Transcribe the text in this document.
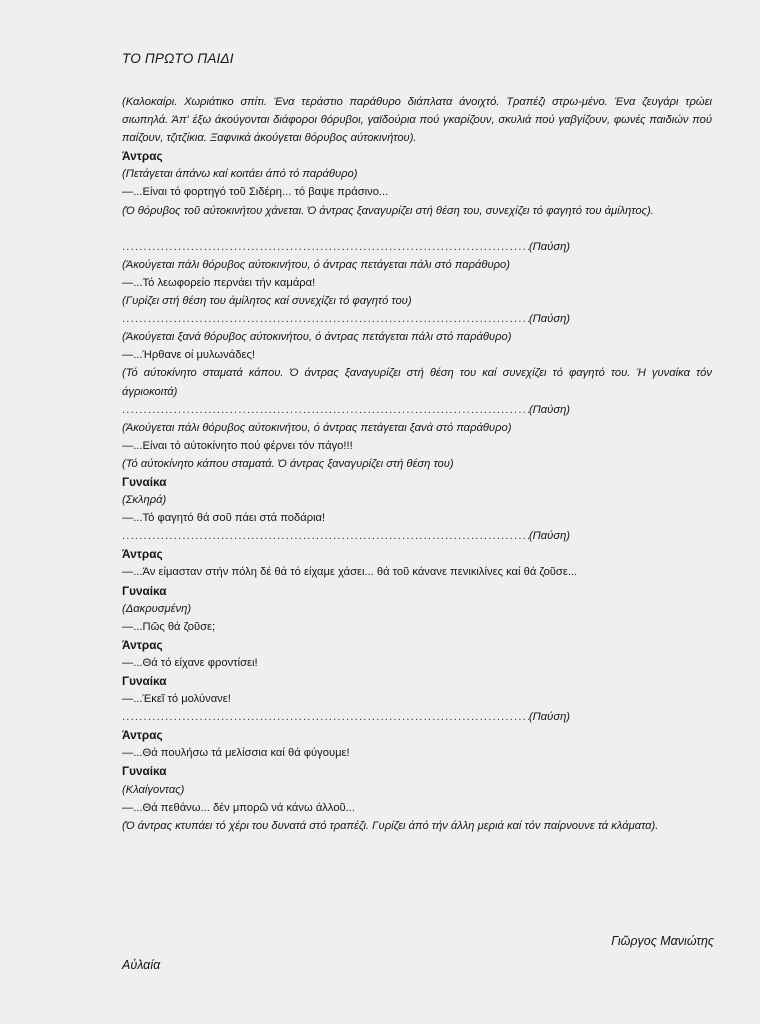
ΤΟ ΠΡΩΤΟ ΠΑΙΔΙ
(Καλοκαίρι. Χωριάτικο σπίτι. Ένα τεράστιο παράθυρο διάπλατα άνοιχτό. Τραπέζι στρω-μένο. Ένα ζευγάρι τρώει σιωπηλά. Άπ' έξω άκούγονται διάφοροι θόρυβοι, γαϊδούρια πού γκαρίζουν, σκυλιά πού γαβγίζουν, φωνές παιδιών πού παίζουν, τζιτζίκια. Ξαφνικά άκούγεται θόρυβος αύτοκινήτου).
Άντρας
(Πετάγεται άπάνω καί κοιτάει άπό τό παράθυρο)
—...Είναι τό φορτηγό τοῦ Σιδέρη... τό βαψε πράσινο...
(Ό θόρυβος τοῦ αύτοκινήτου χάνεται. Ό άντρας ξαναγυρίζει στή θέση του, συνεχίζει τό φαγητό του άμίλητος).
.....
(Παύση)
(Άκούγεται πάλι θόρυβος αύτοκινήτου, ό άντρας πετάγεται πάλι στό παράθυρο)
—...Τό λεωφορείο περνάει τήν καμάρα!
(Γυρίζει στή θέση του άμίλητος καί συνεχίζει τό φαγητό του)
.....
(Παύση)
(Άκούγεται ξανά θόρυβος αύτοκινήτου, ό άντρας πετάγεται πάλι στό παράθυρο)
—...Ήρθανε οί μυλωνάδες!
(Τό αύτοκίνητο σταματά κάπου. Ό άντρας ξαναγυρίζει στή θέση του καί συνεχίζει τό φαγητό του. Ή γυναίκα τόν άγριοκοιτά)
.....
(Παύση)
(Άκούγεται πάλι θόρυβος αύτοκινήτου, ό άντρας πετάγεται ξανά στό παράθυρο)
—...Είναι τό αύτοκίνητο πού φέρνει τόν πάγο!!!
(Τό αύτοκίνητο κάπου σταματά. Ό άντρας ξαναγυρίζει στή θέση του)
Γυναίκα
(Σκληρά)
—...Τό φαγητό θά σοῦ πάει στά ποδάρια!
.....
(Παύση)
Άντρας
—...Άν είμασταν στήν πόλη δέ θά τό είχαμε χάσει... θά τοῦ κάνανε πενικιλίνες καί θά ζοῦσε...
Γυναίκα
(Δακρυσμένη)
—...Πῶς θά ζοῦσε;
Άντρας
—...Θά τό είχανε φροντίσει!
Γυναίκα
—...Έκεῖ τό μολύνανε!
.....
(Παύση)
Άντρας
—...Θά πουλήσω τά μελίσσια καί θά φύγουμε!
Γυναίκα
(Κλαίγοντας)
—...Θά πεθάνω... δέν μπορῶ νά κάνω άλλοῦ...
(Ό άντρας κτυπάει τό χέρι του δυνατά στό τραπέζι. Γυρίζει άπό τήν άλλη μεριά καί τόν παίρνουνε τά κλάματα).
Γιῶργος Μανιώτης
Αὐλαία
